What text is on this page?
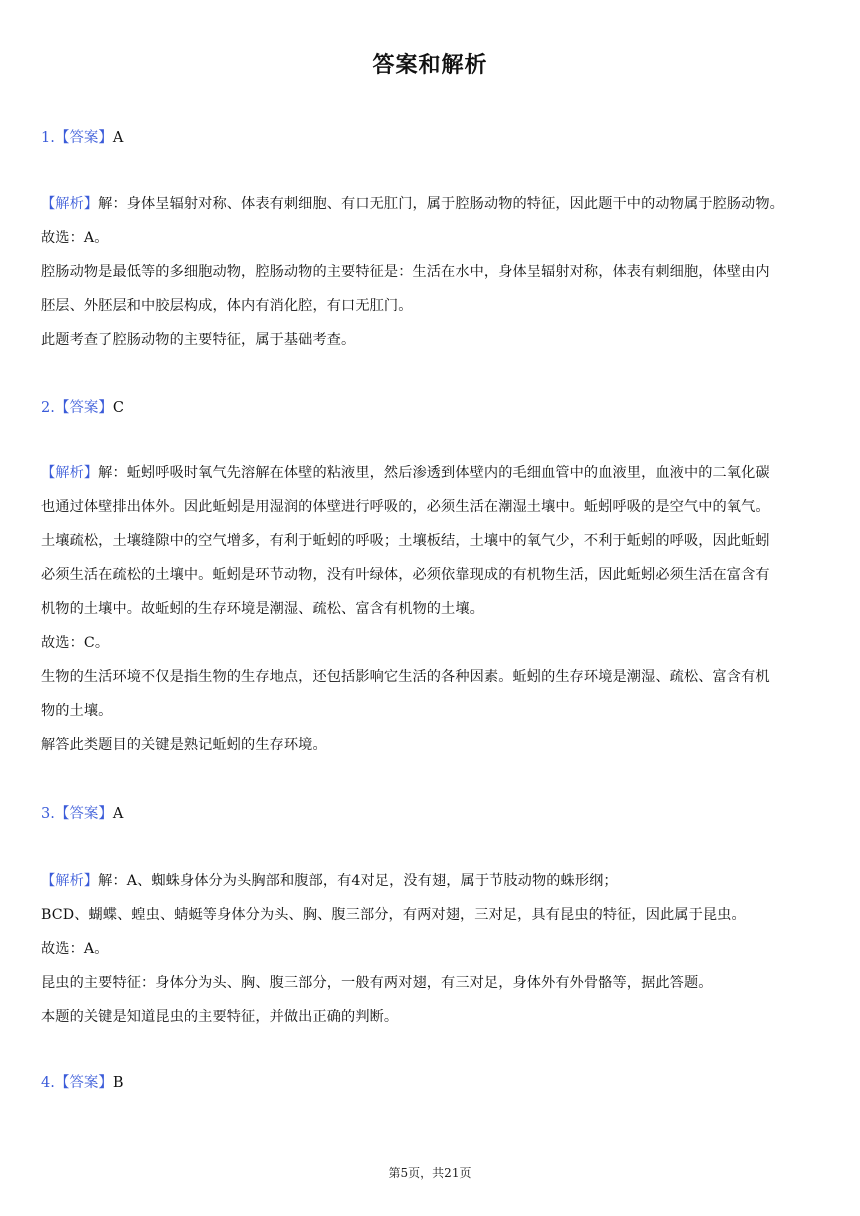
答案和解析
1.【答案】A
【解析】解：身体呈辐射对称、体表有刺细胞、有口无肛门，属于腔肠动物的特征，因此题干中的动物属于腔肠动物。
故选：A。
腔肠动物是最低等的多细胞动物，腔肠动物的主要特征是：生活在水中，身体呈辐射对称，体表有刺细胞，体壁由内
胚层、外胚层和中胶层构成，体内有消化腔，有口无肛门。
此题考查了腔肠动物的主要特征，属于基础考查。
2.【答案】C
【解析】解：蚯蚓呼吸时氧气先溶解在体壁的粘液里，然后渗透到体壁内的毛细血管中的血液里，血液中的二氧化碳
也通过体壁排出体外。因此蚯蚓是用湿润的体壁进行呼吸的，必须生活在潮湿土壤中。蚯蚓呼吸的是空气中的氧气。
土壤疏松，土壤缝隙中的空气增多，有利于蚯蚓的呼吸；土壤板结，土壤中的氧气少，不利于蚯蚓的呼吸，因此蚯蚓
必须生活在疏松的土壤中。蚯蚓是环节动物，没有叶绿体，必须依靠现成的有机物生活，因此蚯蚓必须生活在富含有
机物的土壤中。故蚯蚓的生存环境是潮湿、疏松、富含有机物的土壤。
故选：C。
生物的生活环境不仅是指生物的生存地点，还包括影响它生活的各种因素。蚯蚓的生存环境是潮湿、疏松、富含有机
物的土壤。
解答此类题目的关键是熟记蚯蚓的生存环境。
3.【答案】A
【解析】解：A、蜘蛛身体分为头胸部和腹部，有4对足，没有翅，属于节肢动物的蛛形纲；
BCD、蝴蝶、蝗虫、蜻蜓等身体分为头、胸、腹三部分，有两对翅，三对足，具有昆虫的特征，因此属于昆虫。
故选：A。
昆虫的主要特征：身体分为头、胸、腹三部分，一般有两对翅，有三对足，身体外有外骨骼等，据此答题。
本题的关键是知道昆虫的主要特征，并做出正确的判断。
4.【答案】B
第5页，共21页
